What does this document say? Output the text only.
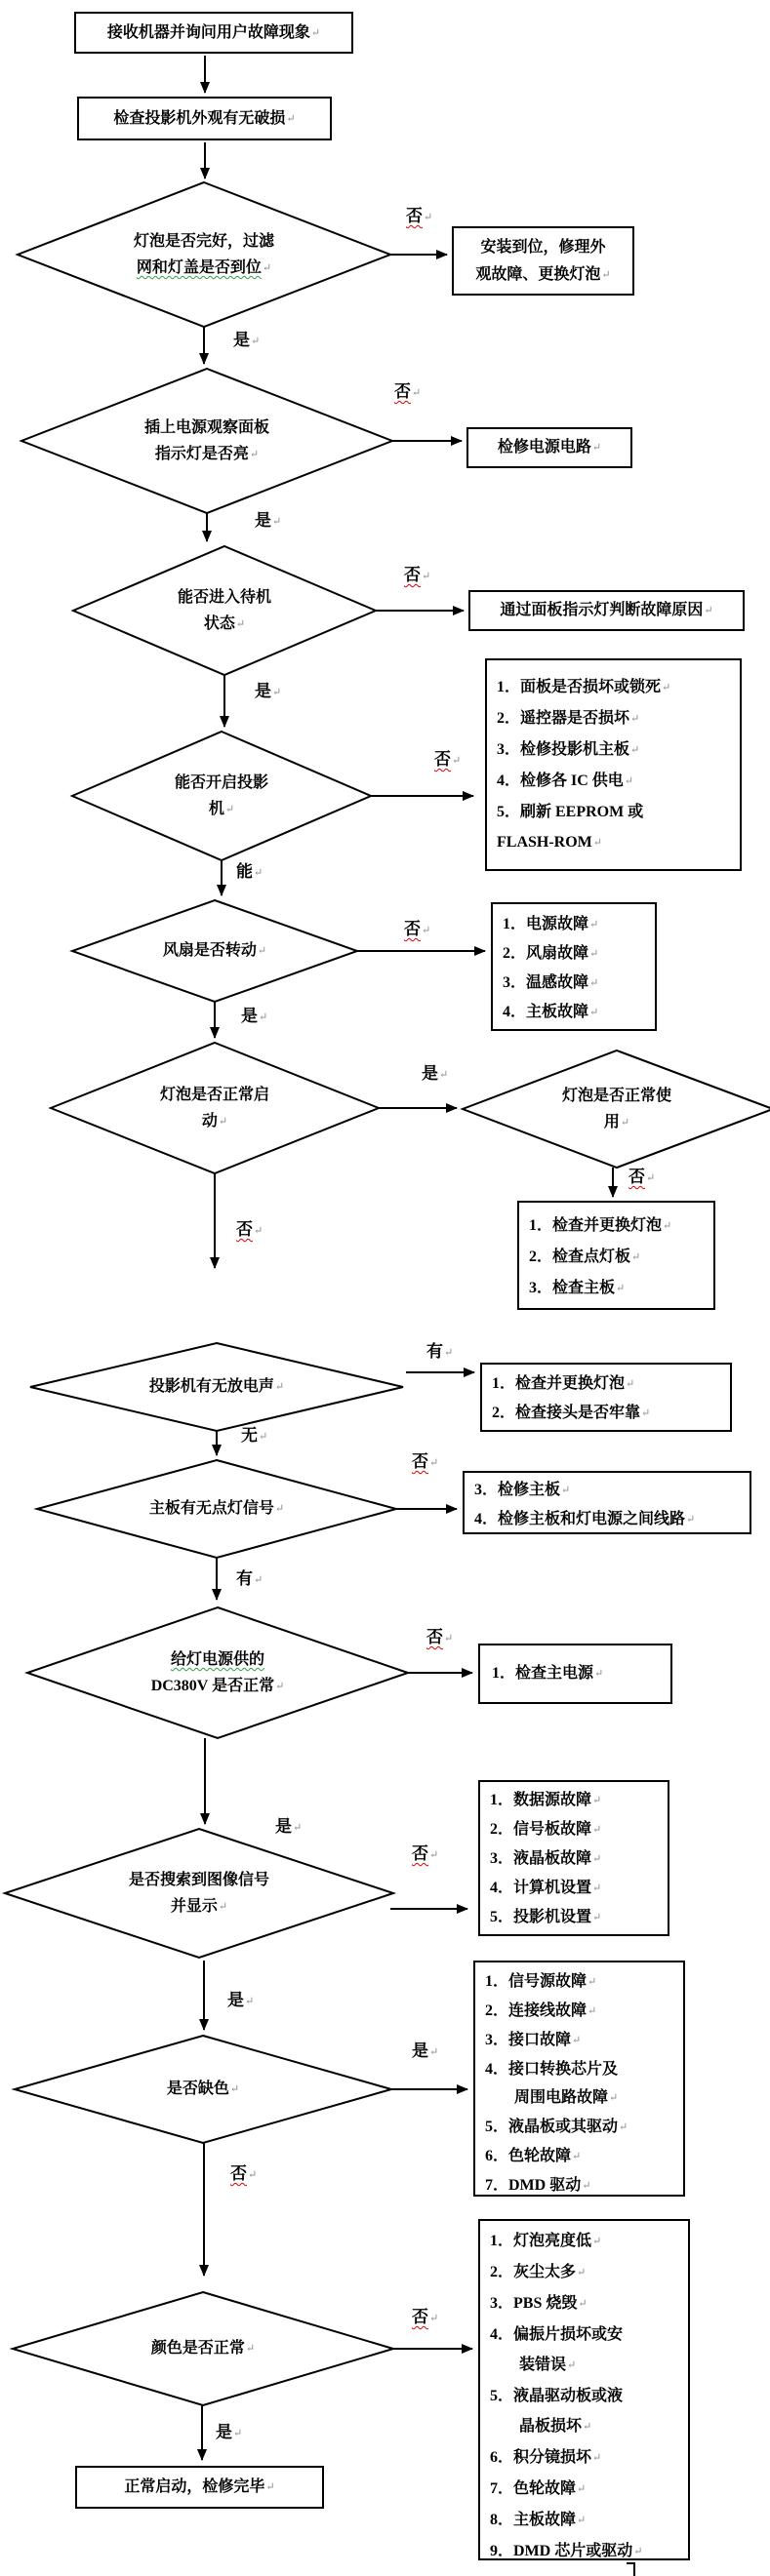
接收机器并询问用户故障现象↵
检查投影机外观有无破损↵
安装到位，修理外
观故障、更换灯泡↵
检修电源电路↵
通过面板指示灯判断故障原因↵
1．面板是否损坏或锁死↵
2．遥控器是否损坏↵
3．检修投影机主板↵
4．检修各 IC 供电↵
5．刷新 EEPROM 或
FLASH-ROM↵
1．电源故障↵
2．风扇故障↵
3．温感故障↵
4．主板故障↵
1．检查并更换灯泡↵
2．检查点灯板↵
3．检查主板↵
1．检查并更换灯泡↵
2．检查接头是否牢靠↵
3．检修主板↵
4．检修主板和灯电源之间线路↵
1．检查主电源↵
1．数据源故障↵
2．信号板故障↵
3．液晶板故障↵
4．计算机设置↵
5．投影机设置↵
1．信号源故障↵
2．连接线故障↵
3．接口故障↵
4．接口转换芯片及
周围电路故障↵
5．液晶板或其驱动↵
6．色轮故障↵
7．DMD 驱动↵
1．灯泡亮度低↵
2．灰尘太多↵
3．PBS 烧毁↵
4．偏振片损坏或安
装错误↵
5．液晶驱动板或液
晶板损坏↵
6．积分镜损坏↵
7．色轮故障↵
8．主板故障↵
9．DMD 芯片或驱动↵
正常启动，检修完毕↵
灯泡是否完好，过滤
网和灯盖是否到位↵
插上电源观察面板
指示灯是否亮↵
能否进入待机
状态↵
能否开启投影
机↵
风扇是否转动↵
灯泡是否正常启
动↵
灯泡是否正常使
用↵
投影机有无放电声↵
主板有无点灯信号↵
给灯电源供的
DC380V 是否正常↵
是否搜索到图像信号
并显示↵
是否缺色↵
颜色是否正常↵
否↵
是↵
否↵
是↵
否↵
是↵
否↵
能↵
否↵
是↵
是↵
否↵
否↵
有↵
无↵
否↵
有↵
否↵
是↵
否↵
是↵
是↵
否↵
否↵
是↵
